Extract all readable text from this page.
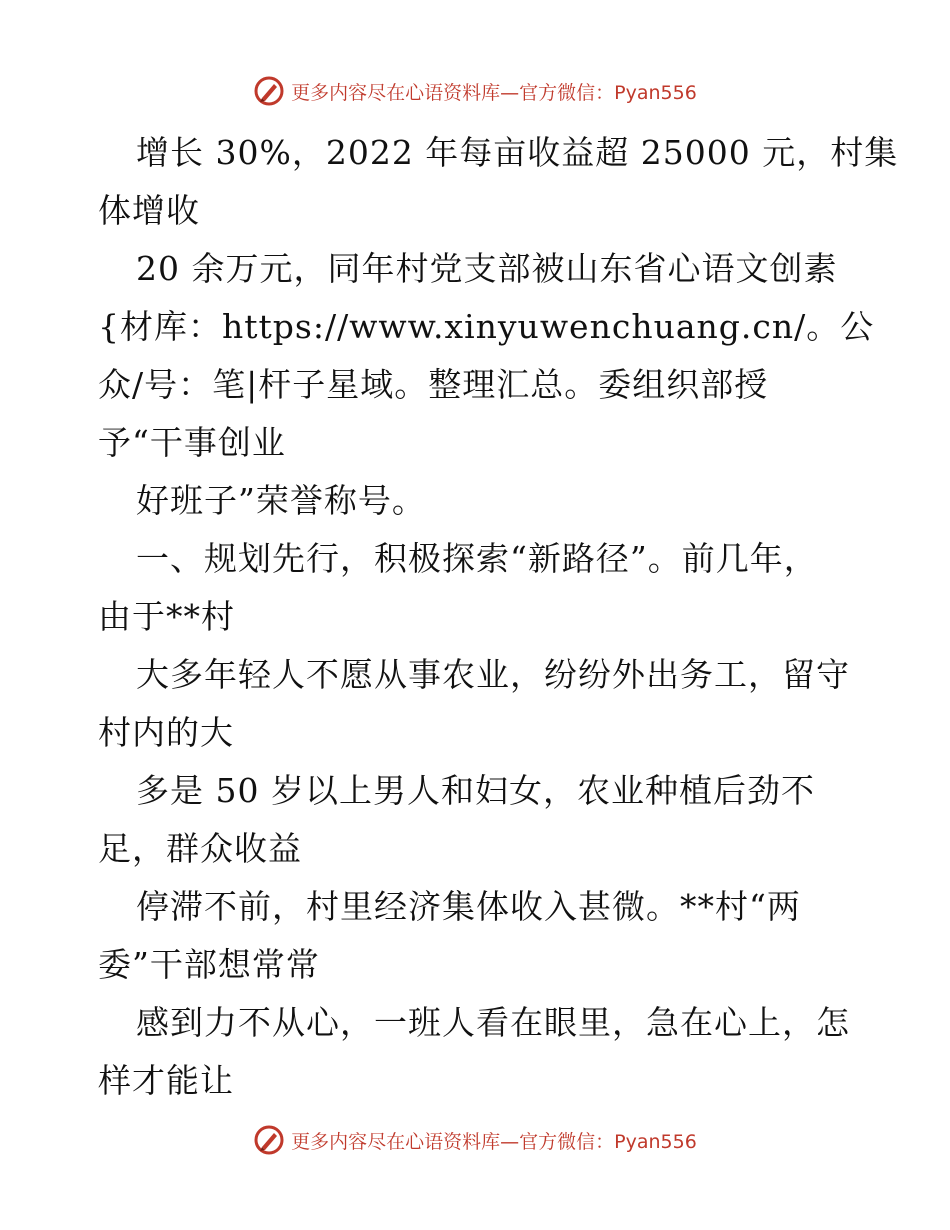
更多内容尽在心语资料库—官方微信：Pyan556
增长 30%，2022 年每亩收益超 25000 元，村集
体增收
20 余万元，同年村党支部被山东省心语文创素
{材库：https://www.xinyuwenchuang.cn/。公
众/号：笔|杆子星域。整理汇总。委组织部授
予“干事创业
好班子”荣誉称号。
一、规划先行，积极探索“新路径”。前几年，
由于**村
大多年轻人不愿从事农业，纷纷外出务工，留守
村内的大
多是 50 岁以上男人和妇女，农业种植后劲不
足，群众收益
停滞不前，村里经济集体收入甚微。**村“两
委”干部想常常
感到力不从心，一班人看在眼里，急在心上，怎
样才能让
更多内容尽在心语资料库—官方微信：Pyan556
